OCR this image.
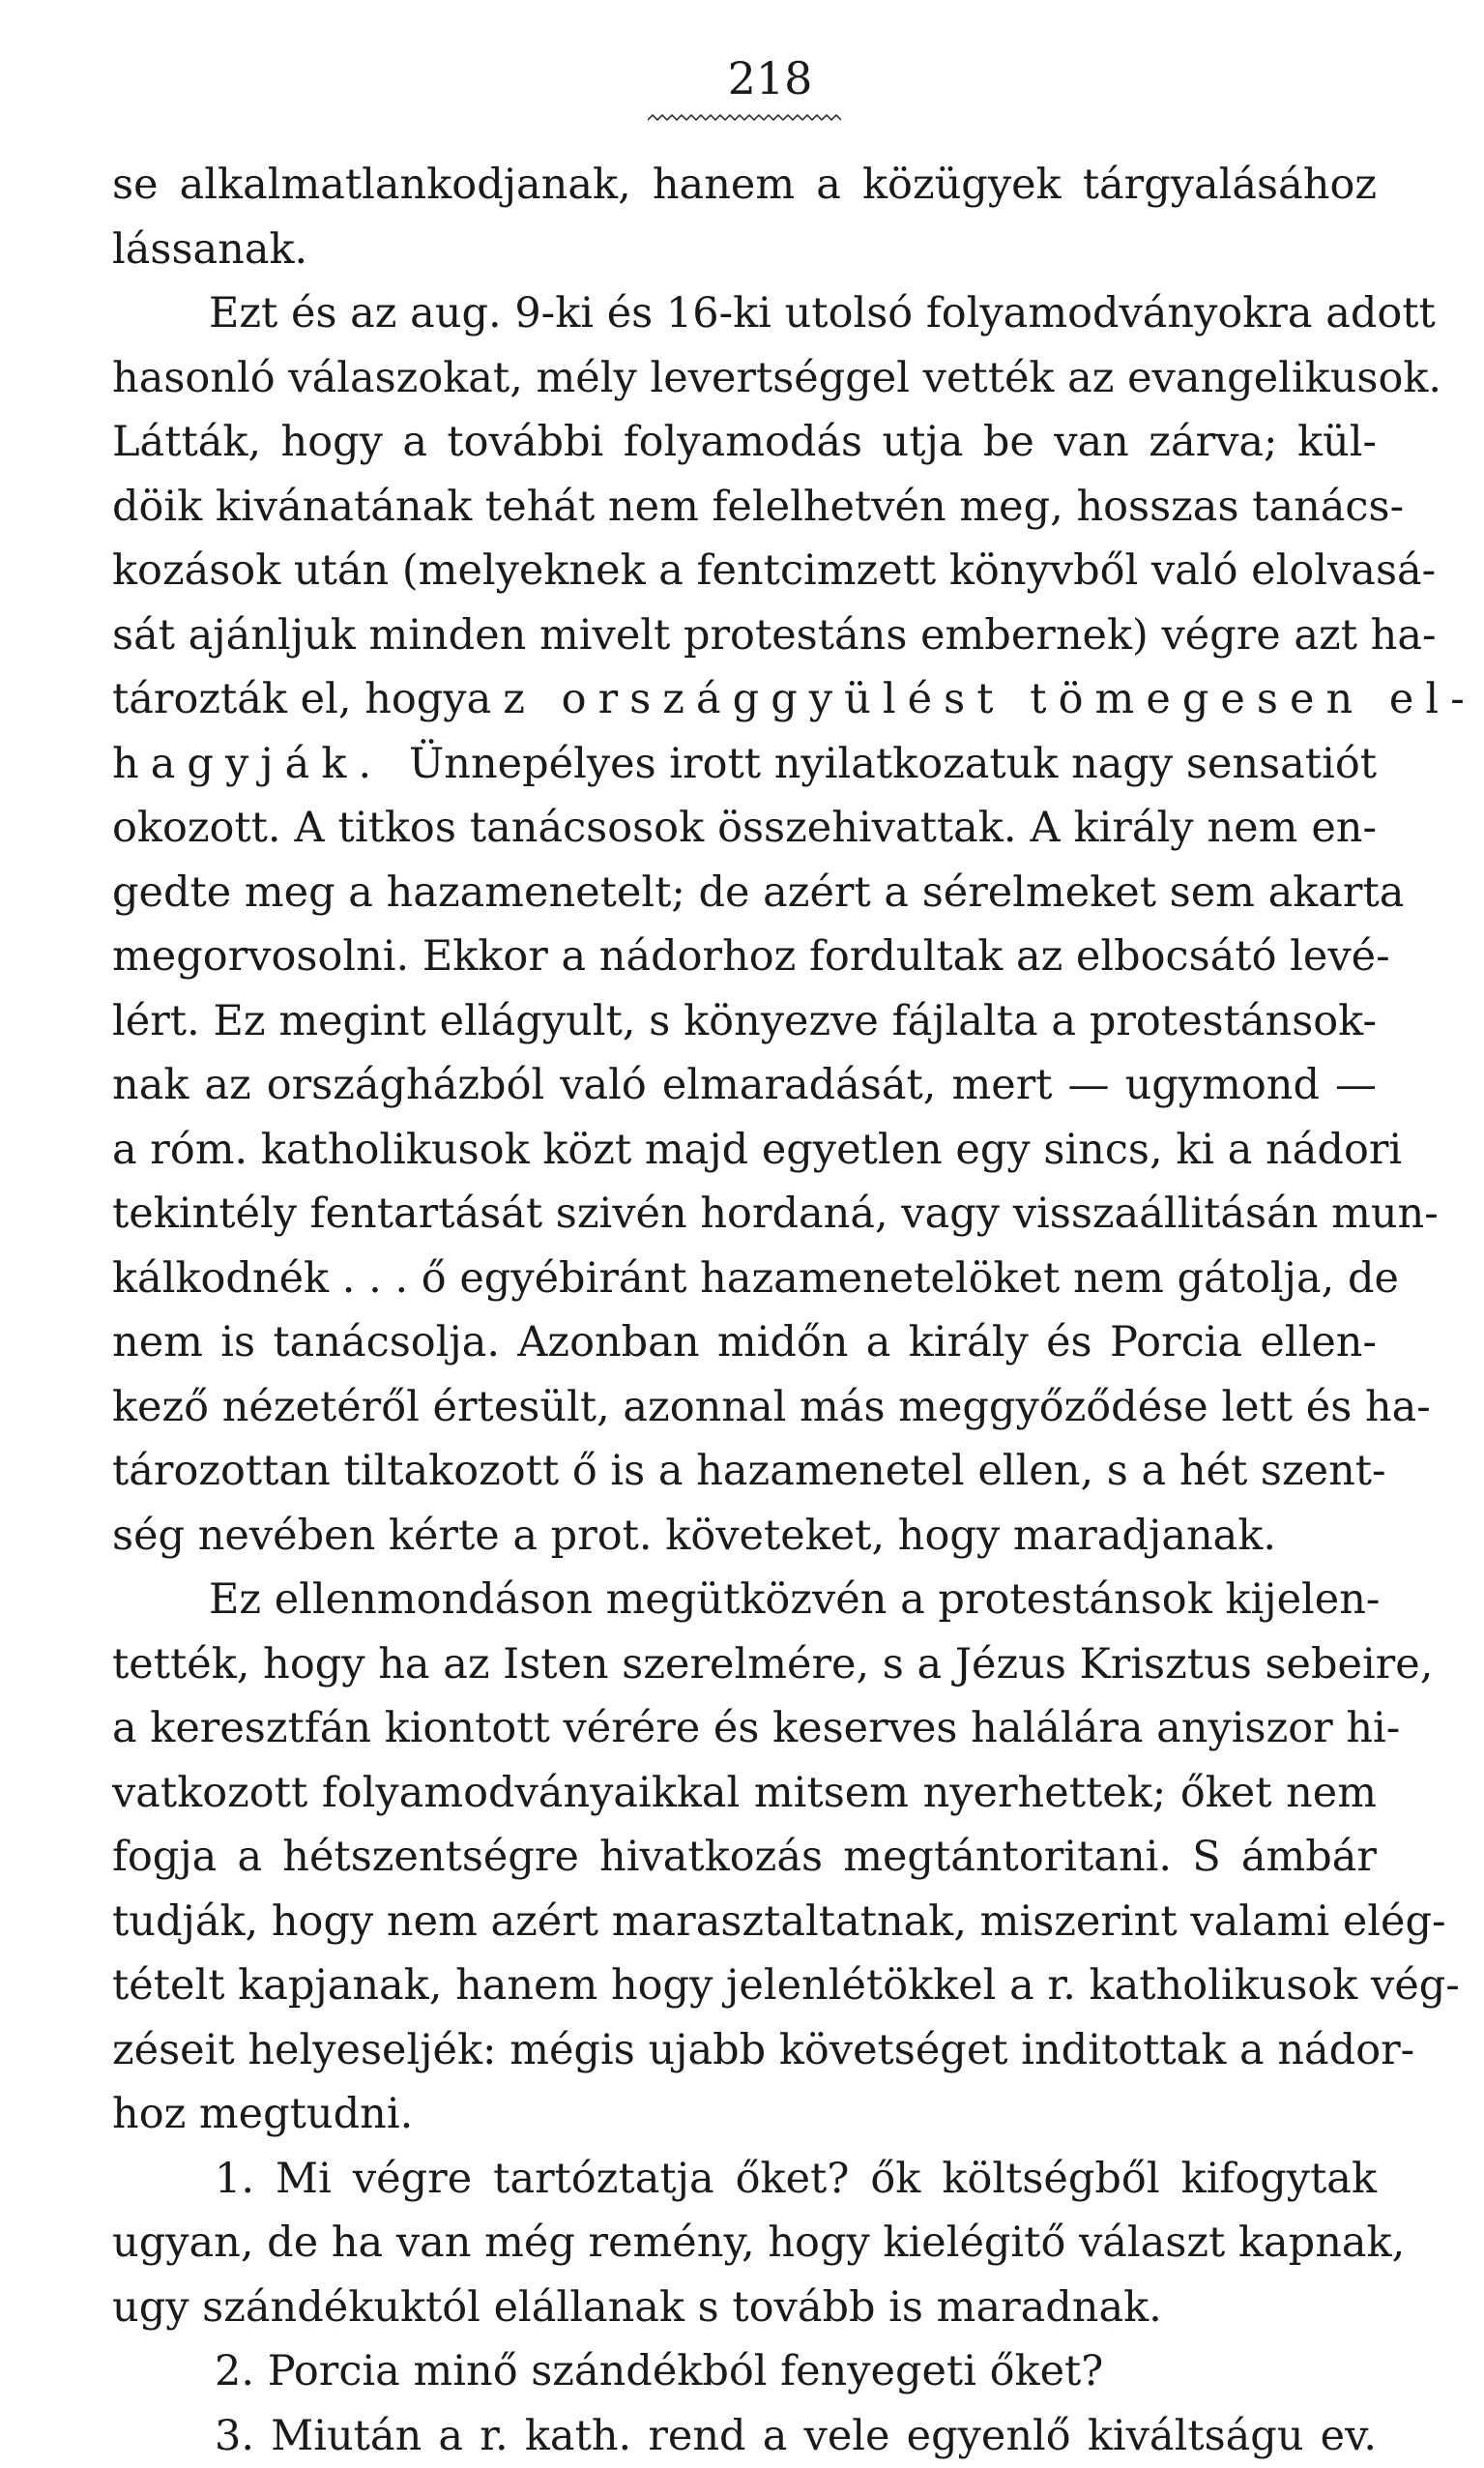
218
se alkalmatlankodjanak, hanem a közügyek tárgyalásához
lássanak.
Ezt és az aug. 9-ki és 16-ki utolsó folyamodványokra adott
hasonló válaszokat, mély levertséggel vették az evangelikusok.
Látták, hogy a további folyamodás utja be van zárva; kül-
döik kivánatának tehát nem felelhetvén meg, hosszas tanács-
kozások után (melyeknek a fentcimzett könyvből való elolvasá-
sát ajánljuk minden mivelt protestáns embernek) végre azt ha-
tározták el, hogy az országgyülést tömegesen el-
hagyják. Ünnepélyes irott nyilatkozatuk nagy sensatiót
okozott. A titkos tanácsosok összehivattak. A király nem en-
gedte meg a hazamenetelt; de azért a sérelmeket sem akarta
megorvosolni. Ekkor a nádorhoz fordultak az elbocsátó levé-
lért. Ez megint ellágyult, s könyezve fájlalta a protestánsok-
nak az országházból való elmaradását, mert — ugymond —
a róm. katholikusok közt majd egyetlen egy sincs, ki a nádori
tekintély fentartását szivén hordaná, vagy visszaállitásán mun-
kálkodnék . . . ő egyébiránt hazamenetelöket nem gátolja, de
nem is tanácsolja. Azonban midőn a király és Porcia ellen-
kező nézetéről értesült, azonnal más meggyőződése lett és ha-
tározottan tiltakozott ő is a hazamenetel ellen, s a hét szent-
ség nevében kérte a prot. követeket, hogy maradjanak.
Ez ellenmondáson megütközvén a protestánsok kijelen-
tették, hogy ha az Isten szerelmére, s a Jézus Krisztus sebeire,
a keresztfán kiontott vérére és keserves halálára anyiszor hi-
vatkozott folyamodványaikkal mitsem nyerhettek; őket nem
fogja a hétszentségre hivatkozás megtántoritani. S ámbár
tudják, hogy nem azért marasztaltatnak, miszerint valami elég-
tételt kapjanak, hanem hogy jelenlétökkel a r. katholikusok vég-
zéseit helyeseljék: mégis ujabb követséget inditottak a nádor-
hoz megtudni.
1. Mi végre tartóztatja őket? ők költségből kifogytak
ugyan, de ha van még remény, hogy kielégitő választ kapnak,
ugy szándékuktól elállanak s tovább is maradnak.
2. Porcia minő szándékból fenyegeti őket?
3. Miután a r. kath. rend a vele egyenlő kiváltságu ev.
